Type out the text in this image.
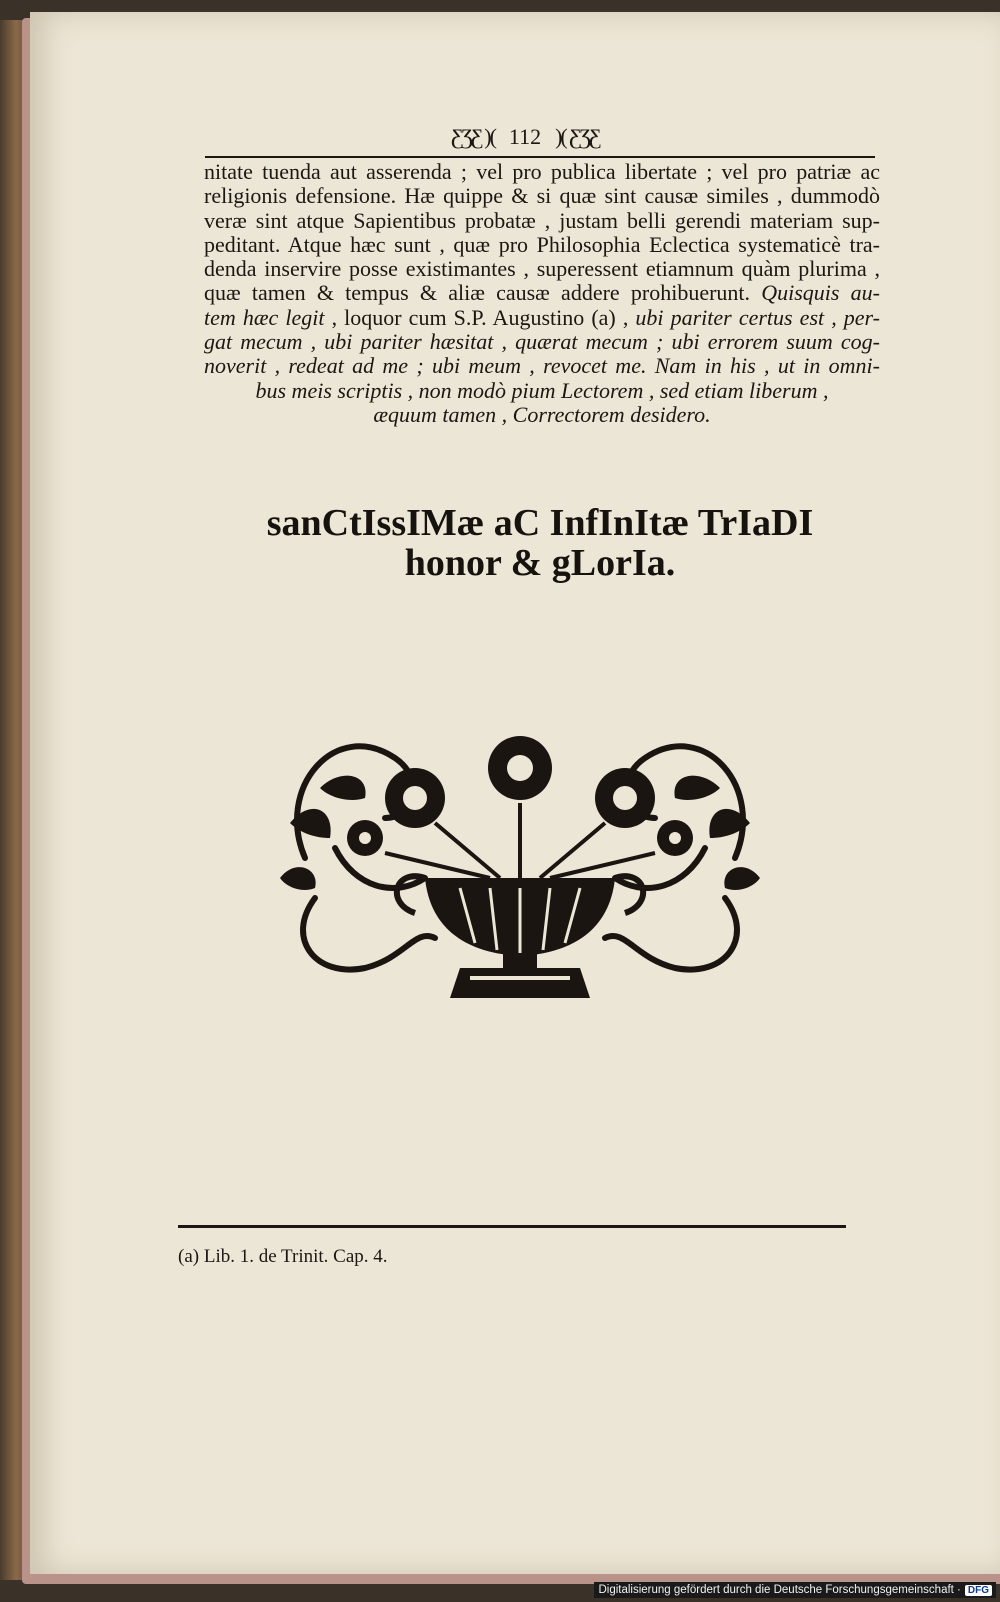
ƸƷƸ )( 112 )( ƸƷƸ
nitate tuenda aut asserenda ; vel pro publica libertate ; vel pro patriæ ac
religionis defensione. Hæ quippe & si quæ sint causæ similes , dummodò
veræ sint atque Sapientibus probatæ , justam belli gerendi materiam sup-
peditant. Atque hæc sunt , quæ pro Philosophia Eclectica systematicè tra-
denda inservire posse existimantes , superessent etiamnum quàm plurima ,
quæ tamen & tempus & aliæ causæ addere prohibuerunt. Quisquis au-
tem hæc legit , loquor cum S.P. Augustino (a) , ubi pariter certus est , per-
gat mecum , ubi pariter hæsitat , quærat mecum ; ubi errorem suum cog-
noverit , redeat ad me ; ubi meum , revocet me. Nam in his , ut in omni-
bus meis scriptis , non modò pium Lectorem , sed etiam liberum ,
æquum tamen , Correctorem desidero.
sanCtIssIMæ aC InfInItæ TrIaDI
honor & gLorIa.
(a) Lib. 1. de Trinit. Cap. 4.
Digitalisierung gefördert durch die Deutsche Forschungsgemeinschaft · DFG
